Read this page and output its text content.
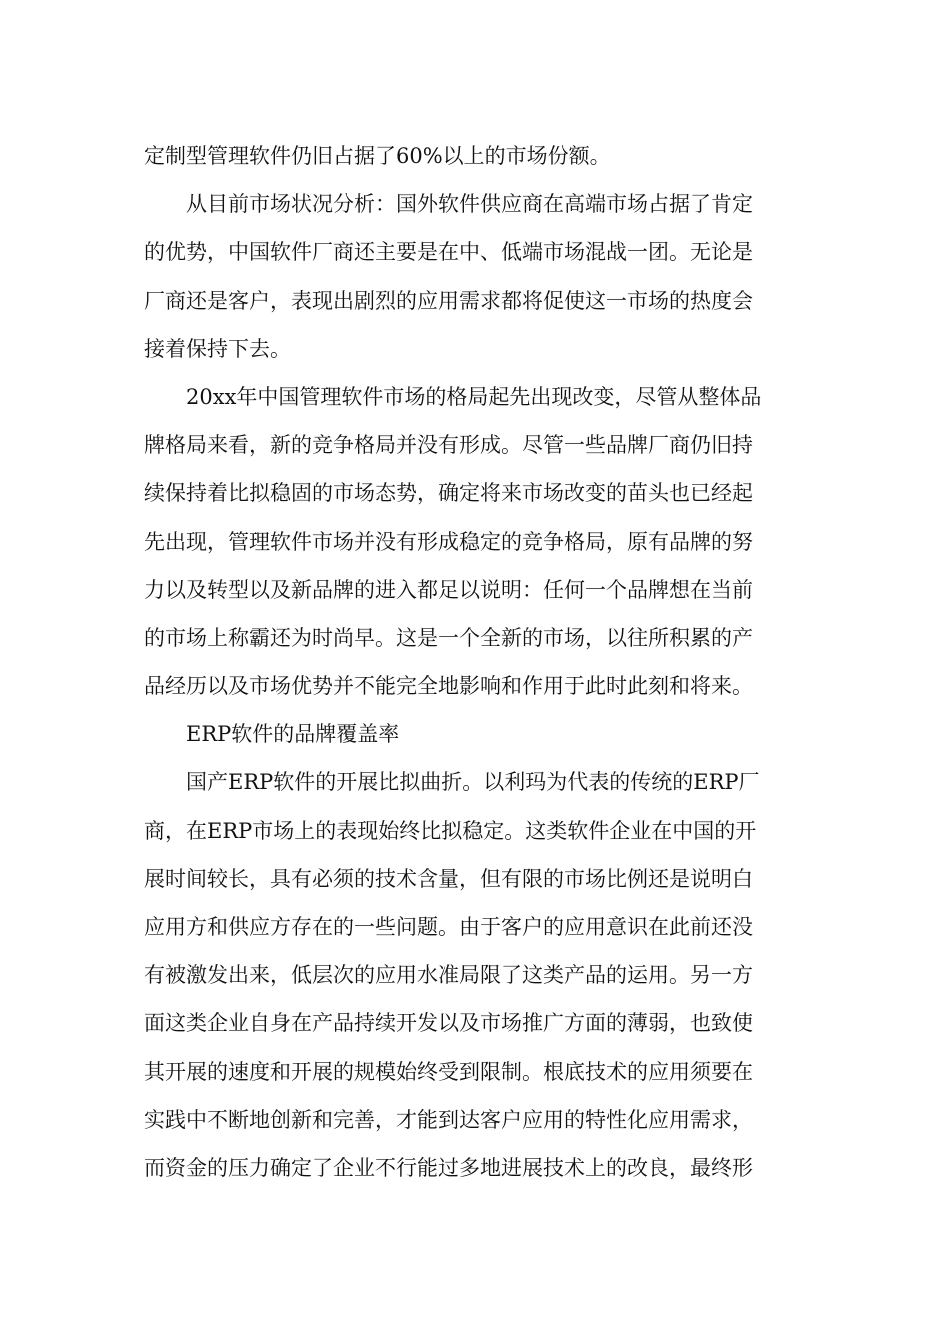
定制型管理软件仍旧占据了60%以上的市场份额。
从目前市场状况分析：国外软件供应商在高端市场占据了肯定
的优势，中国软件厂商还主要是在中、低端市场混战一团。无论是
厂商还是客户，表现出剧烈的应用需求都将促使这一市场的热度会
接着保持下去。
20xx年中国管理软件市场的格局起先出现改变，尽管从整体品
牌格局来看，新的竞争格局并没有形成。尽管一些品牌厂商仍旧持
续保持着比拟稳固的市场态势，确定将来市场改变的苗头也已经起
先出现，管理软件市场并没有形成稳定的竞争格局，原有品牌的努
力以及转型以及新品牌的进入都足以说明：任何一个品牌想在当前
的市场上称霸还为时尚早。这是一个全新的市场，以往所积累的产
品经历以及市场优势并不能完全地影响和作用于此时此刻和将来。
ERP软件的品牌覆盖率
国产ERP软件的开展比拟曲折。以利玛为代表的传统的ERP厂
商，在ERP市场上的表现始终比拟稳定。这类软件企业在中国的开
展时间较长，具有必须的技术含量，但有限的市场比例还是说明白
应用方和供应方存在的一些问题。由于客户的应用意识在此前还没
有被激发出来，低层次的应用水准局限了这类产品的运用。另一方
面这类企业自身在产品持续开发以及市场推广方面的薄弱，也致使
其开展的速度和开展的规模始终受到限制。根底技术的应用须要在
实践中不断地创新和完善，才能到达客户应用的特性化应用需求，
而资金的压力确定了企业不行能过多地进展技术上的改良，最终形
